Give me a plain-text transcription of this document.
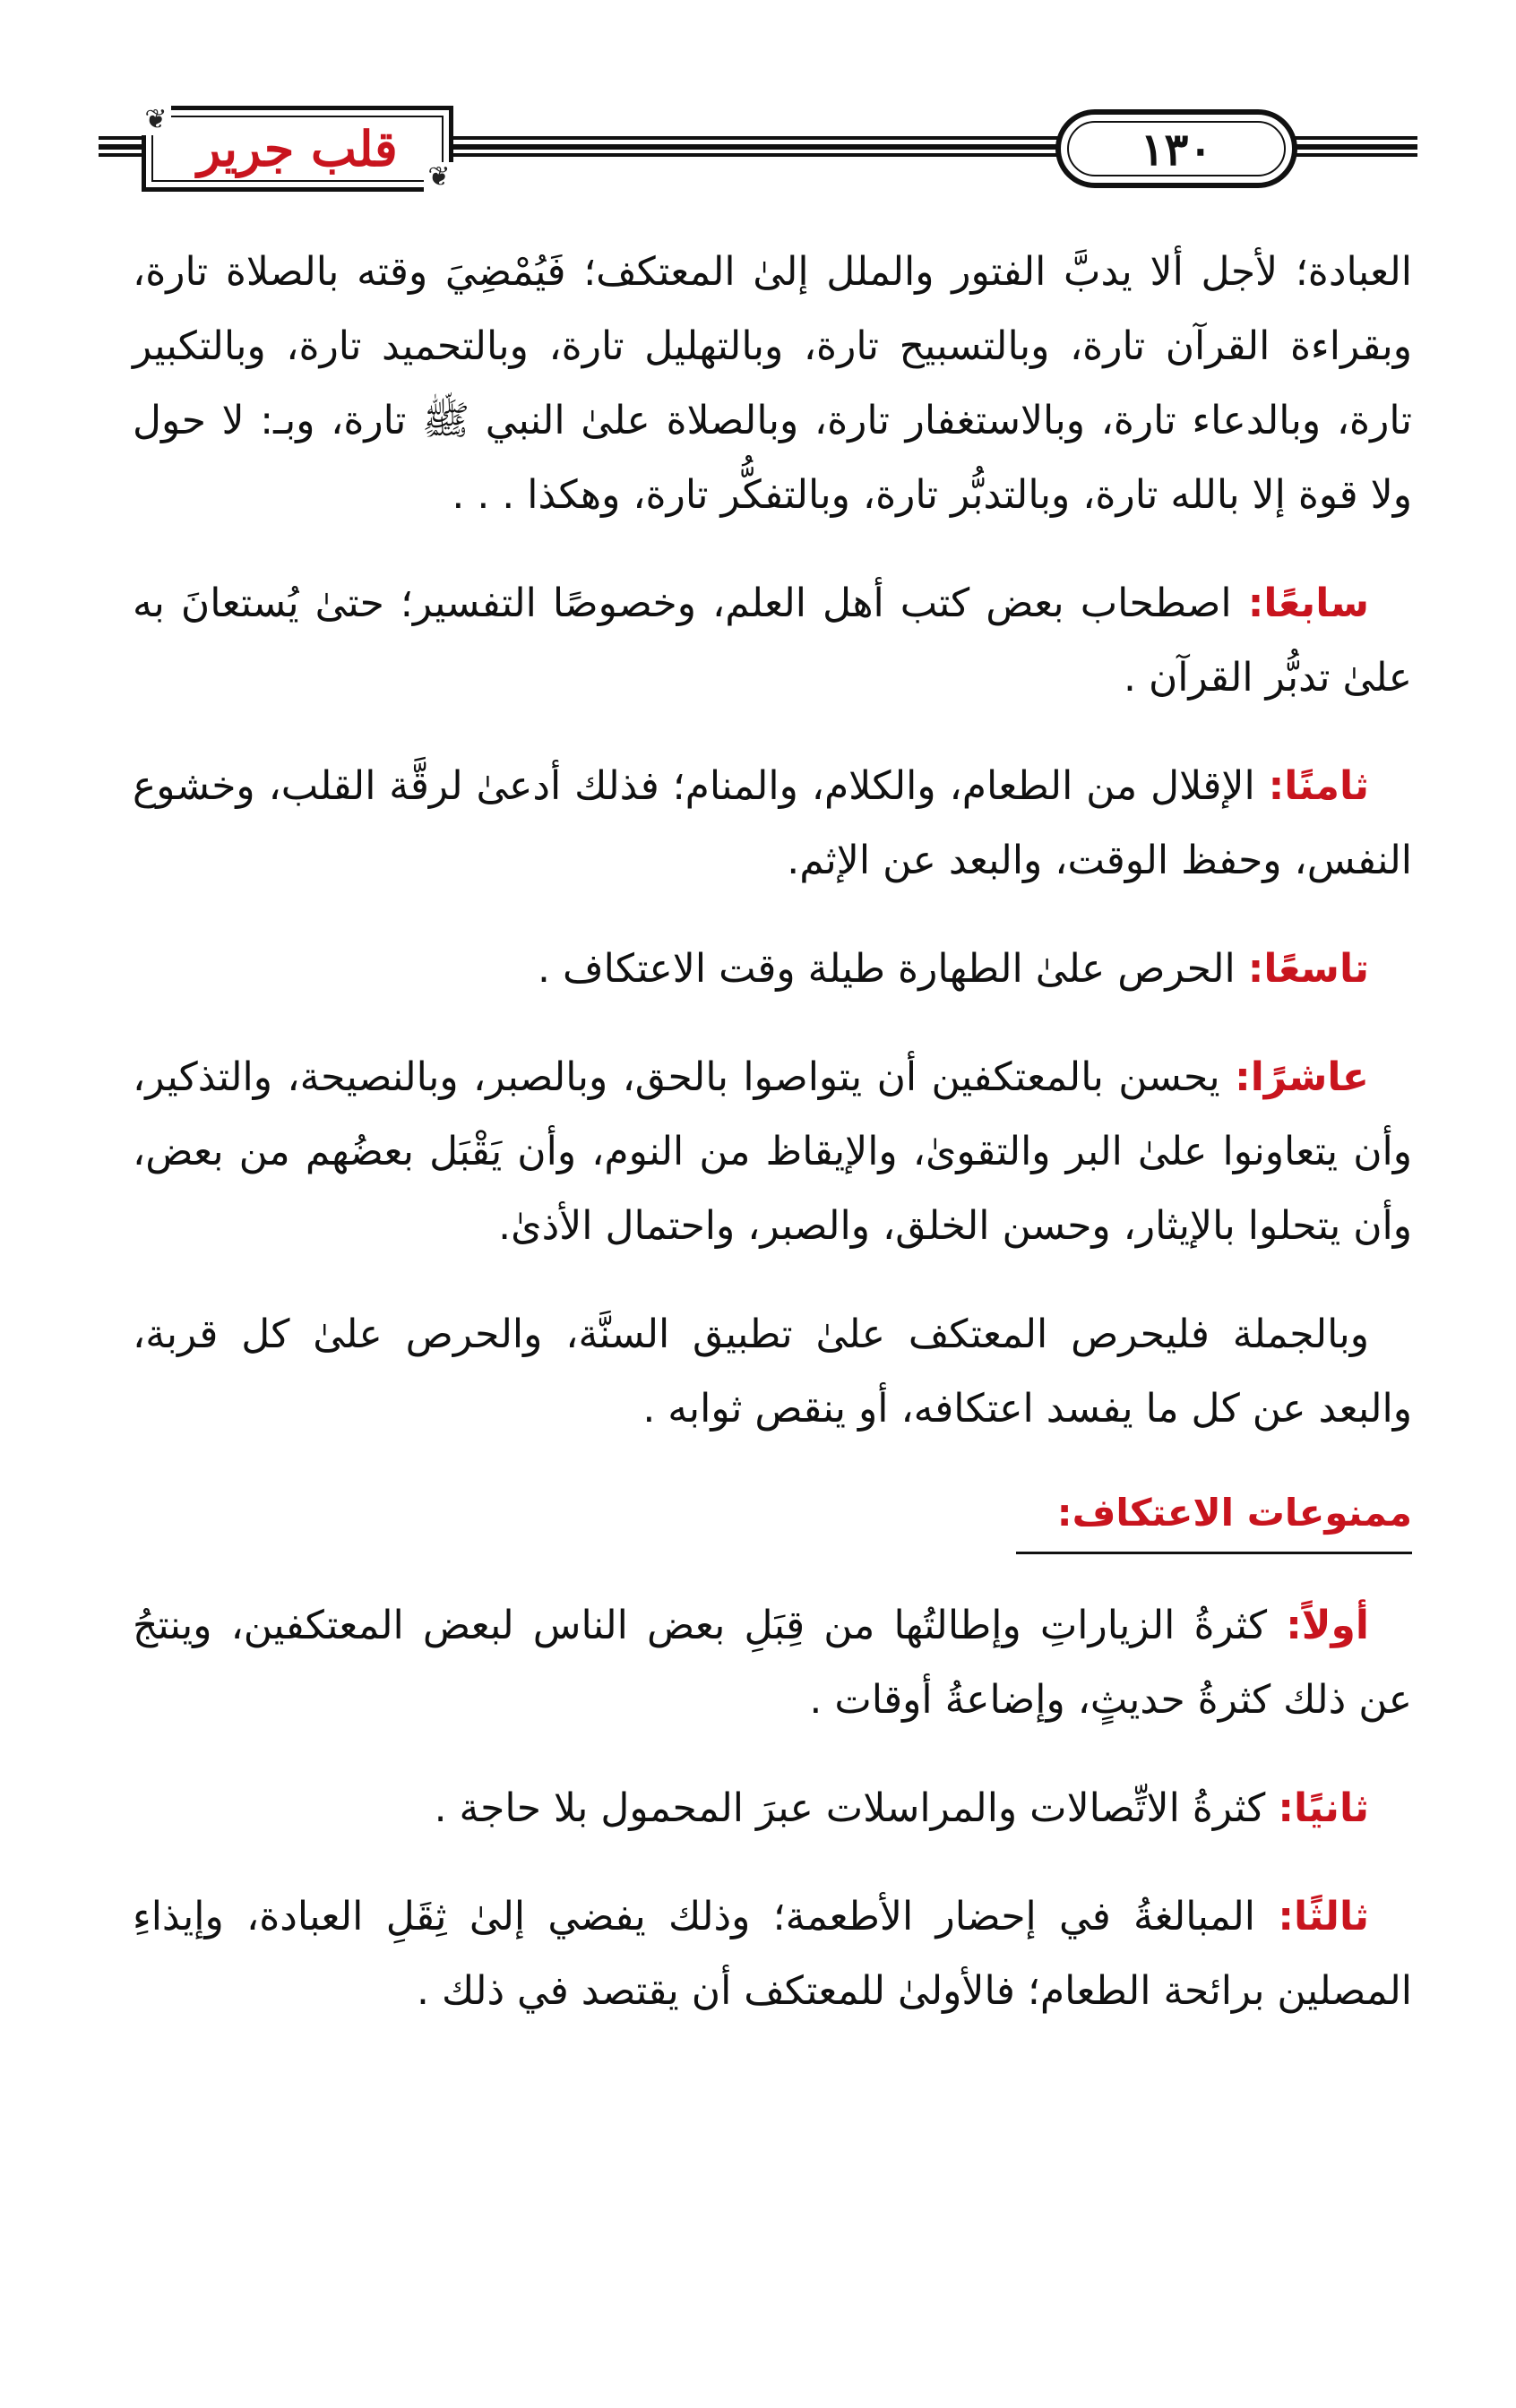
❦
❦
قلب جرير	١٣٠

العبادة؛ لأجل ألا يدبَّ الفتور والملل إلىٰ المعتكف؛ فَيُمْضِيَ وقته بالصلاة تارة، وبقراءة القرآن تارة، وبالتسبيح تارة، وبالتهليل تارة، وبالتحميد تارة، وبالتكبير تارة، وبالدعاء تارة، وبالاستغفار تارة، وبالصلاة علىٰ النبي ﷺ تارة، وبـ: لا حول ولا قوة إلا بالله تارة، وبالتدبُّر تارة، وبالتفكُّر تارة، وهكذا . . .

سابعًا: اصطحاب بعض كتب أهل العلم، وخصوصًا التفسير؛ حتىٰ يُستعانَ به علىٰ تدبُّر القرآن .

ثامنًا: الإقلال من الطعام، والكلام، والمنام؛ فذلك أدعىٰ لرقَّة القلب، وخشوع النفس، وحفظ الوقت، والبعد عن الإثم.

تاسعًا: الحرص علىٰ الطهارة طيلة وقت الاعتكاف .

عاشرًا: يحسن بالمعتكفين أن يتواصوا بالحق، وبالصبر، وبالنصيحة، والتذكير، وأن يتعاونوا علىٰ البر والتقوىٰ، والإيقاظ من النوم، وأن يَقْبَل بعضُهم من بعض، وأن يتحلوا بالإيثار، وحسن الخلق، والصبر، واحتمال الأذىٰ.

وبالجملة فليحرص المعتكف علىٰ تطبيق السنَّة، والحرص علىٰ كل قربة، والبعد عن كل ما يفسد اعتكافه، أو ينقص ثوابه .

ممنوعات الاعتكاف:

أولاً: كثرةُ الزياراتِ وإطالتُها من قِبَلِ بعض الناس لبعض المعتكفين، وينتجُ عن ذلك كثرةُ حديثٍ، وإضاعةُ أوقات .

ثانيًا: كثرةُ الاتِّصالات والمراسلات عبرَ المحمول بلا حاجة .

ثالثًا: المبالغةُ في إحضار الأطعمة؛ وذلك يفضي إلىٰ ثِقَلِ العبادة، وإيذاءِ المصلين برائحة الطعام؛ فالأولىٰ للمعتكف أن يقتصد في ذلك .
